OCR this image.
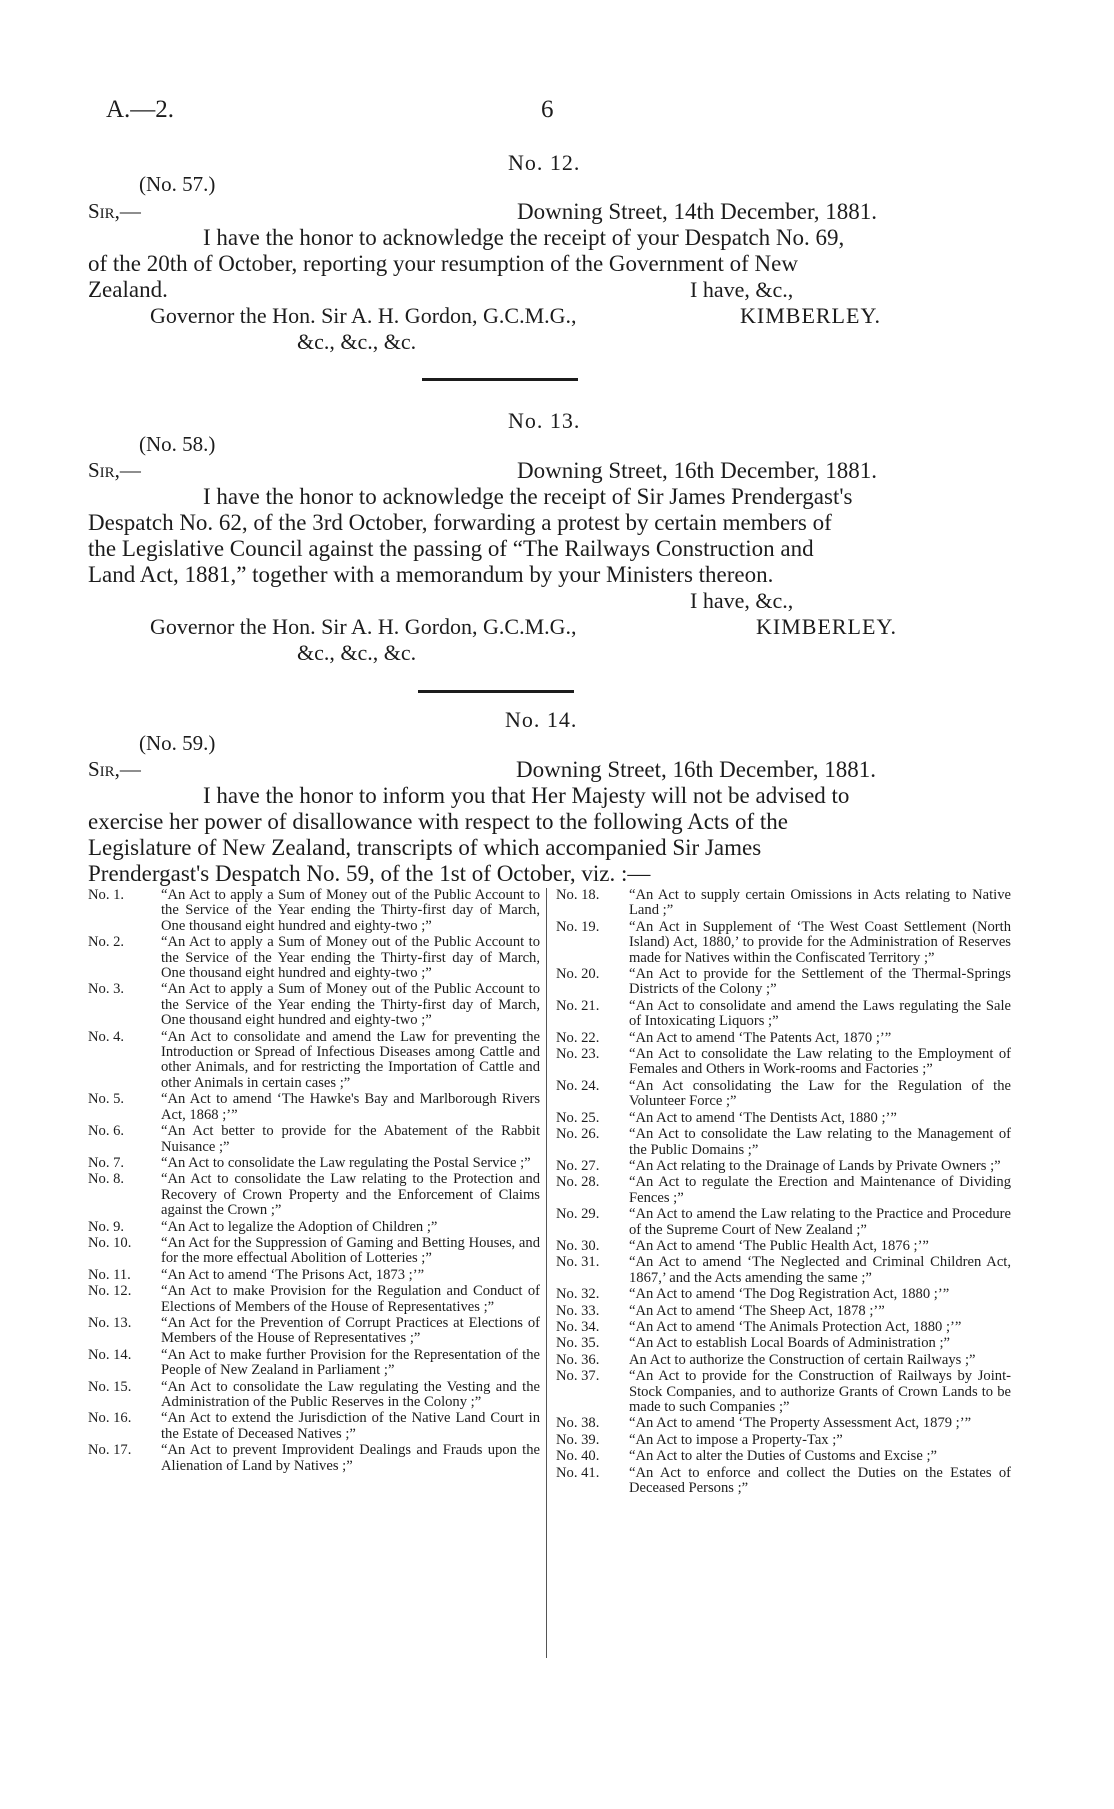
A.—2.	6
No. 12.
(No. 57.)
Sir,—	Downing Street, 14th December, 1881.
I have the honor to acknowledge the receipt of your Despatch No. 69,
of the 20th of October, reporting your resumption of the Government of New
Zealand.	I have, &c.,
Governor the Hon. Sir A. H. Gordon, G.C.M.G.,	KIMBERLEY.
&c., &c., &c.
No. 13.
(No. 58.)
Sir,—	Downing Street, 16th December, 1881.
I have the honor to acknowledge the receipt of Sir James Prendergast's
Despatch No. 62, of the 3rd October, forwarding a protest by certain members of
the Legislative Council against the passing of “The Railways Construction and
Land Act, 1881,” together with a memorandum by your Ministers thereon.
I have, &c.,
Governor the Hon. Sir A. H. Gordon, G.C.M.G.,	KIMBERLEY.
&c., &c., &c.
No. 14.
(No. 59.)
Sir,—	Downing Street, 16th December, 1881.
I have the honor to inform you that Her Majesty will not be advised to
exercise her power of disallowance with respect to the following Acts of the
Legislature of New Zealand, transcripts of which accompanied Sir James
Prendergast's Despatch No. 59, of the 1st of October, viz. :—
No. 1.	“An Act to apply a Sum of Money out of the Public Account to the Service of the Year ending the Thirty-first day of March, One thousand eight hundred and eighty-two ;”
No. 2.	“An Act to apply a Sum of Money out of the Public Account to the Service of the Year ending the Thirty-first day of March, One thousand eight hundred and eighty-two ;”
No. 3.	“An Act to apply a Sum of Money out of the Public Account to the Service of the Year ending the Thirty-first day of March, One thousand eight hundred and eighty-two ;”
No. 4.	“An Act to consolidate and amend the Law for preventing the Introduction or Spread of Infectious Diseases among Cattle and other Animals, and for restricting the Importation of Cattle and other Animals in certain cases ;”
No. 5.	“An Act to amend ‘The Hawke's Bay and Marlborough Rivers Act, 1868 ;’”
No. 6.	“An Act better to provide for the Abatement of the Rabbit Nuisance ;”
No. 7.	“An Act to consolidate the Law regulating the Postal Service ;”
No. 8.	“An Act to consolidate the Law relating to the Protection and Recovery of Crown Property and the Enforcement of Claims against the Crown ;”
No. 9.	“An Act to legalize the Adoption of Children ;”
No. 10.	“An Act for the Suppression of Gaming and Betting Houses, and for the more effectual Abolition of Lotteries ;”
No. 11.	“An Act to amend ‘The Prisons Act, 1873 ;’”
No. 12.	“An Act to make Provision for the Regulation and Conduct of Elections of Members of the House of Representatives ;”
No. 13.	“An Act for the Prevention of Corrupt Practices at Elections of Members of the House of Representatives ;”
No. 14.	“An Act to make further Provision for the Representation of the People of New Zealand in Parliament ;”
No. 15.	“An Act to consolidate the Law regulating the Vesting and the Administration of the Public Reserves in the Colony ;”
No. 16.	“An Act to extend the Jurisdiction of the Native Land Court in the Estate of Deceased Natives ;”
No. 17.	“An Act to prevent Improvident Dealings and Frauds upon the Alienation of Land by Natives ;”
No. 18.	“An Act to supply certain Omissions in Acts relating to Native Land ;”
No. 19.	“An Act in Supplement of ‘The West Coast Settlement (North Island) Act, 1880,’ to provide for the Administration of Reserves made for Natives within the Confiscated Territory ;”
No. 20.	“An Act to provide for the Settlement of the Thermal-Springs Districts of the Colony ;”
No. 21.	“An Act to consolidate and amend the Laws regulating the Sale of Intoxicating Liquors ;”
No. 22.	“An Act to amend ‘The Patents Act, 1870 ;’”
No. 23.	“An Act to consolidate the Law relating to the Employment of Females and Others in Work-rooms and Factories ;”
No. 24.	“An Act consolidating the Law for the Regulation of the Volunteer Force ;”
No. 25.	“An Act to amend ‘The Dentists Act, 1880 ;’”
No. 26.	“An Act to consolidate the Law relating to the Management of the Public Domains ;”
No. 27.	“An Act relating to the Drainage of Lands by Private Owners ;”
No. 28.	“An Act to regulate the Erection and Maintenance of Dividing Fences ;”
No. 29.	“An Act to amend the Law relating to the Practice and Procedure of the Supreme Court of New Zealand ;”
No. 30.	“An Act to amend ‘The Public Health Act, 1876 ;’”
No. 31.	“An Act to amend ‘The Neglected and Criminal Children Act, 1867,’ and the Acts amending the same ;”
No. 32.	“An Act to amend ‘The Dog Registration Act, 1880 ;’”
No. 33.	“An Act to amend ‘The Sheep Act, 1878 ;’”
No. 34.	“An Act to amend ‘The Animals Protection Act, 1880 ;’”
No. 35.	“An Act to establish Local Boards of Administration ;”
No. 36.	An Act to authorize the Construction of certain Railways ;”
No. 37.	“An Act to provide for the Construction of Railways by Joint-Stock Companies, and to authorize Grants of Crown Lands to be made to such Companies ;”
No. 38.	“An Act to amend ‘The Property Assessment Act, 1879 ;’”
No. 39.	“An Act to impose a Property-Tax ;”
No. 40.	“An Act to alter the Duties of Customs and Excise ;”
No. 41.	“An Act to enforce and collect the Duties on the Estates of Deceased Persons ;”
